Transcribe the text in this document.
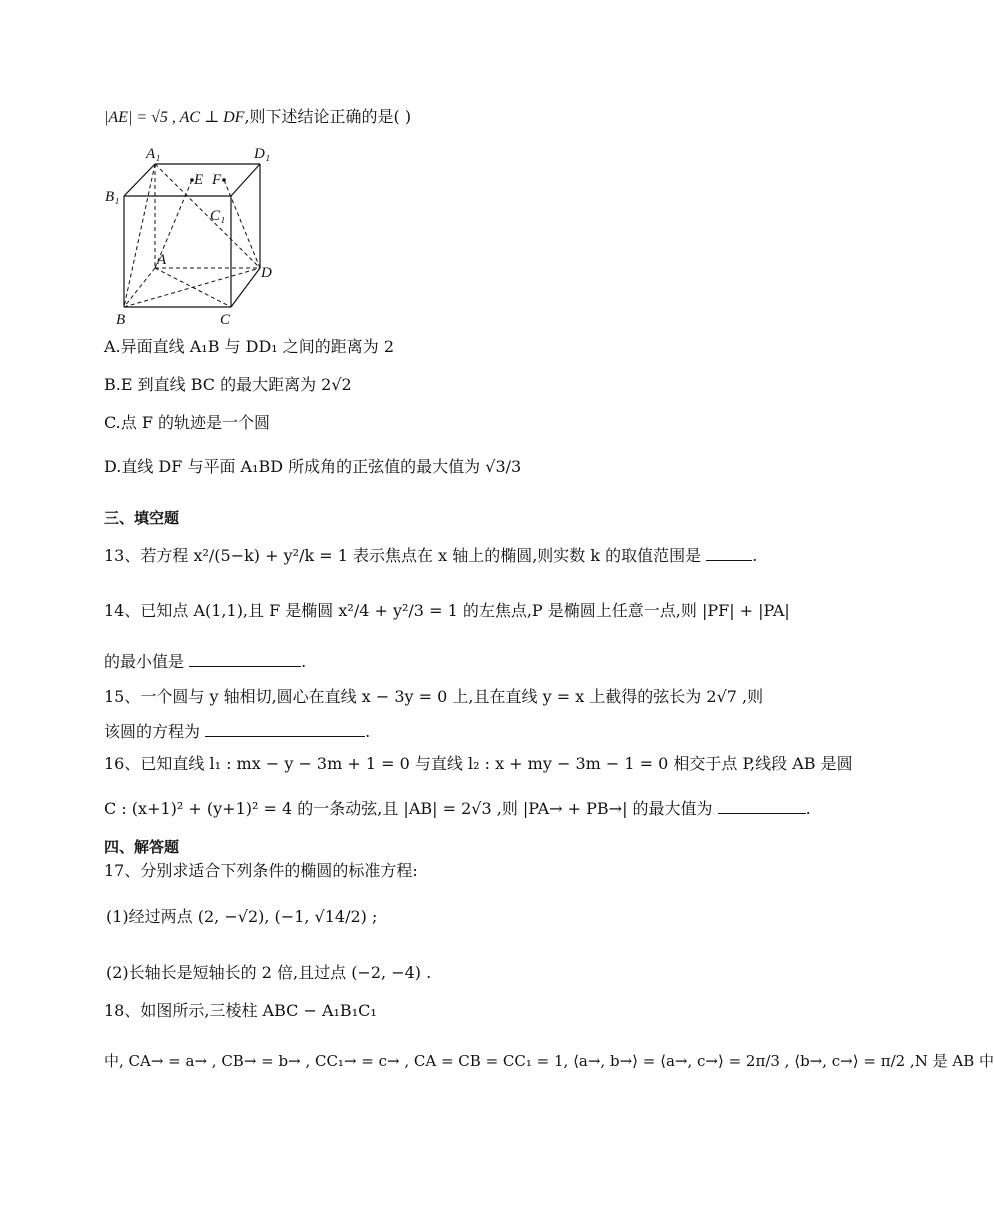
|AE| = √5 , AC ⊥ DF,则下述结论正确的是( )
A₁	D₁
B₁
C₁
E F
A
D
B	C
A.异面直线 A₁B 与 DD₁ 之间的距离为 2
B.E 到直线 BC 的最大距离为 2√2
C.点 F 的轨迹是一个圆
D.直线 DF 与平面 A₁BD 所成角的正弦值的最大值为 √3/3
三、填空题
13、若方程 x²/(5−k) + y²/k = 1 表示焦点在 x 轴上的椭圆,则实数 k 的取值范围是	.
14、已知点 A(1,1),且 F 是椭圆 x²/4 + y²/3 = 1 的左焦点,P 是椭圆上任意一点,则 |PF| + |PA|
的最小值是	.
15、一个圆与 y 轴相切,圆心在直线 x − 3y = 0 上,且在直线 y = x 上截得的弦长为 2√7 ,则
该圆的方程为	.
16、已知直线 l₁ : mx − y − 3m + 1 = 0 与直线 l₂ : x + my − 3m − 1 = 0 相交于点 P,线段 AB 是圆
C : (x+1)² + (y+1)² = 4 的一条动弦,且 |AB| = 2√3 ,则 |PA→ + PB→| 的最大值为	.
四、解答题
17、分别求适合下列条件的椭圆的标准方程:
(1)经过两点 (2, −√2), (−1, √14/2) ;
(2)长轴长是短轴长的 2 倍,且过点 (−2, −4) .
18、如图所示,三棱柱 ABC − A₁B₁C₁
中, CA→ = a→ , CB→ = b→ , CC₁→ = c→ , CA = CB = CC₁ = 1, ⟨a→, b→⟩ = ⟨a→, c→⟩ = 2π/3 , ⟨b→, c→⟩ = π/2 ,N 是 AB 中
